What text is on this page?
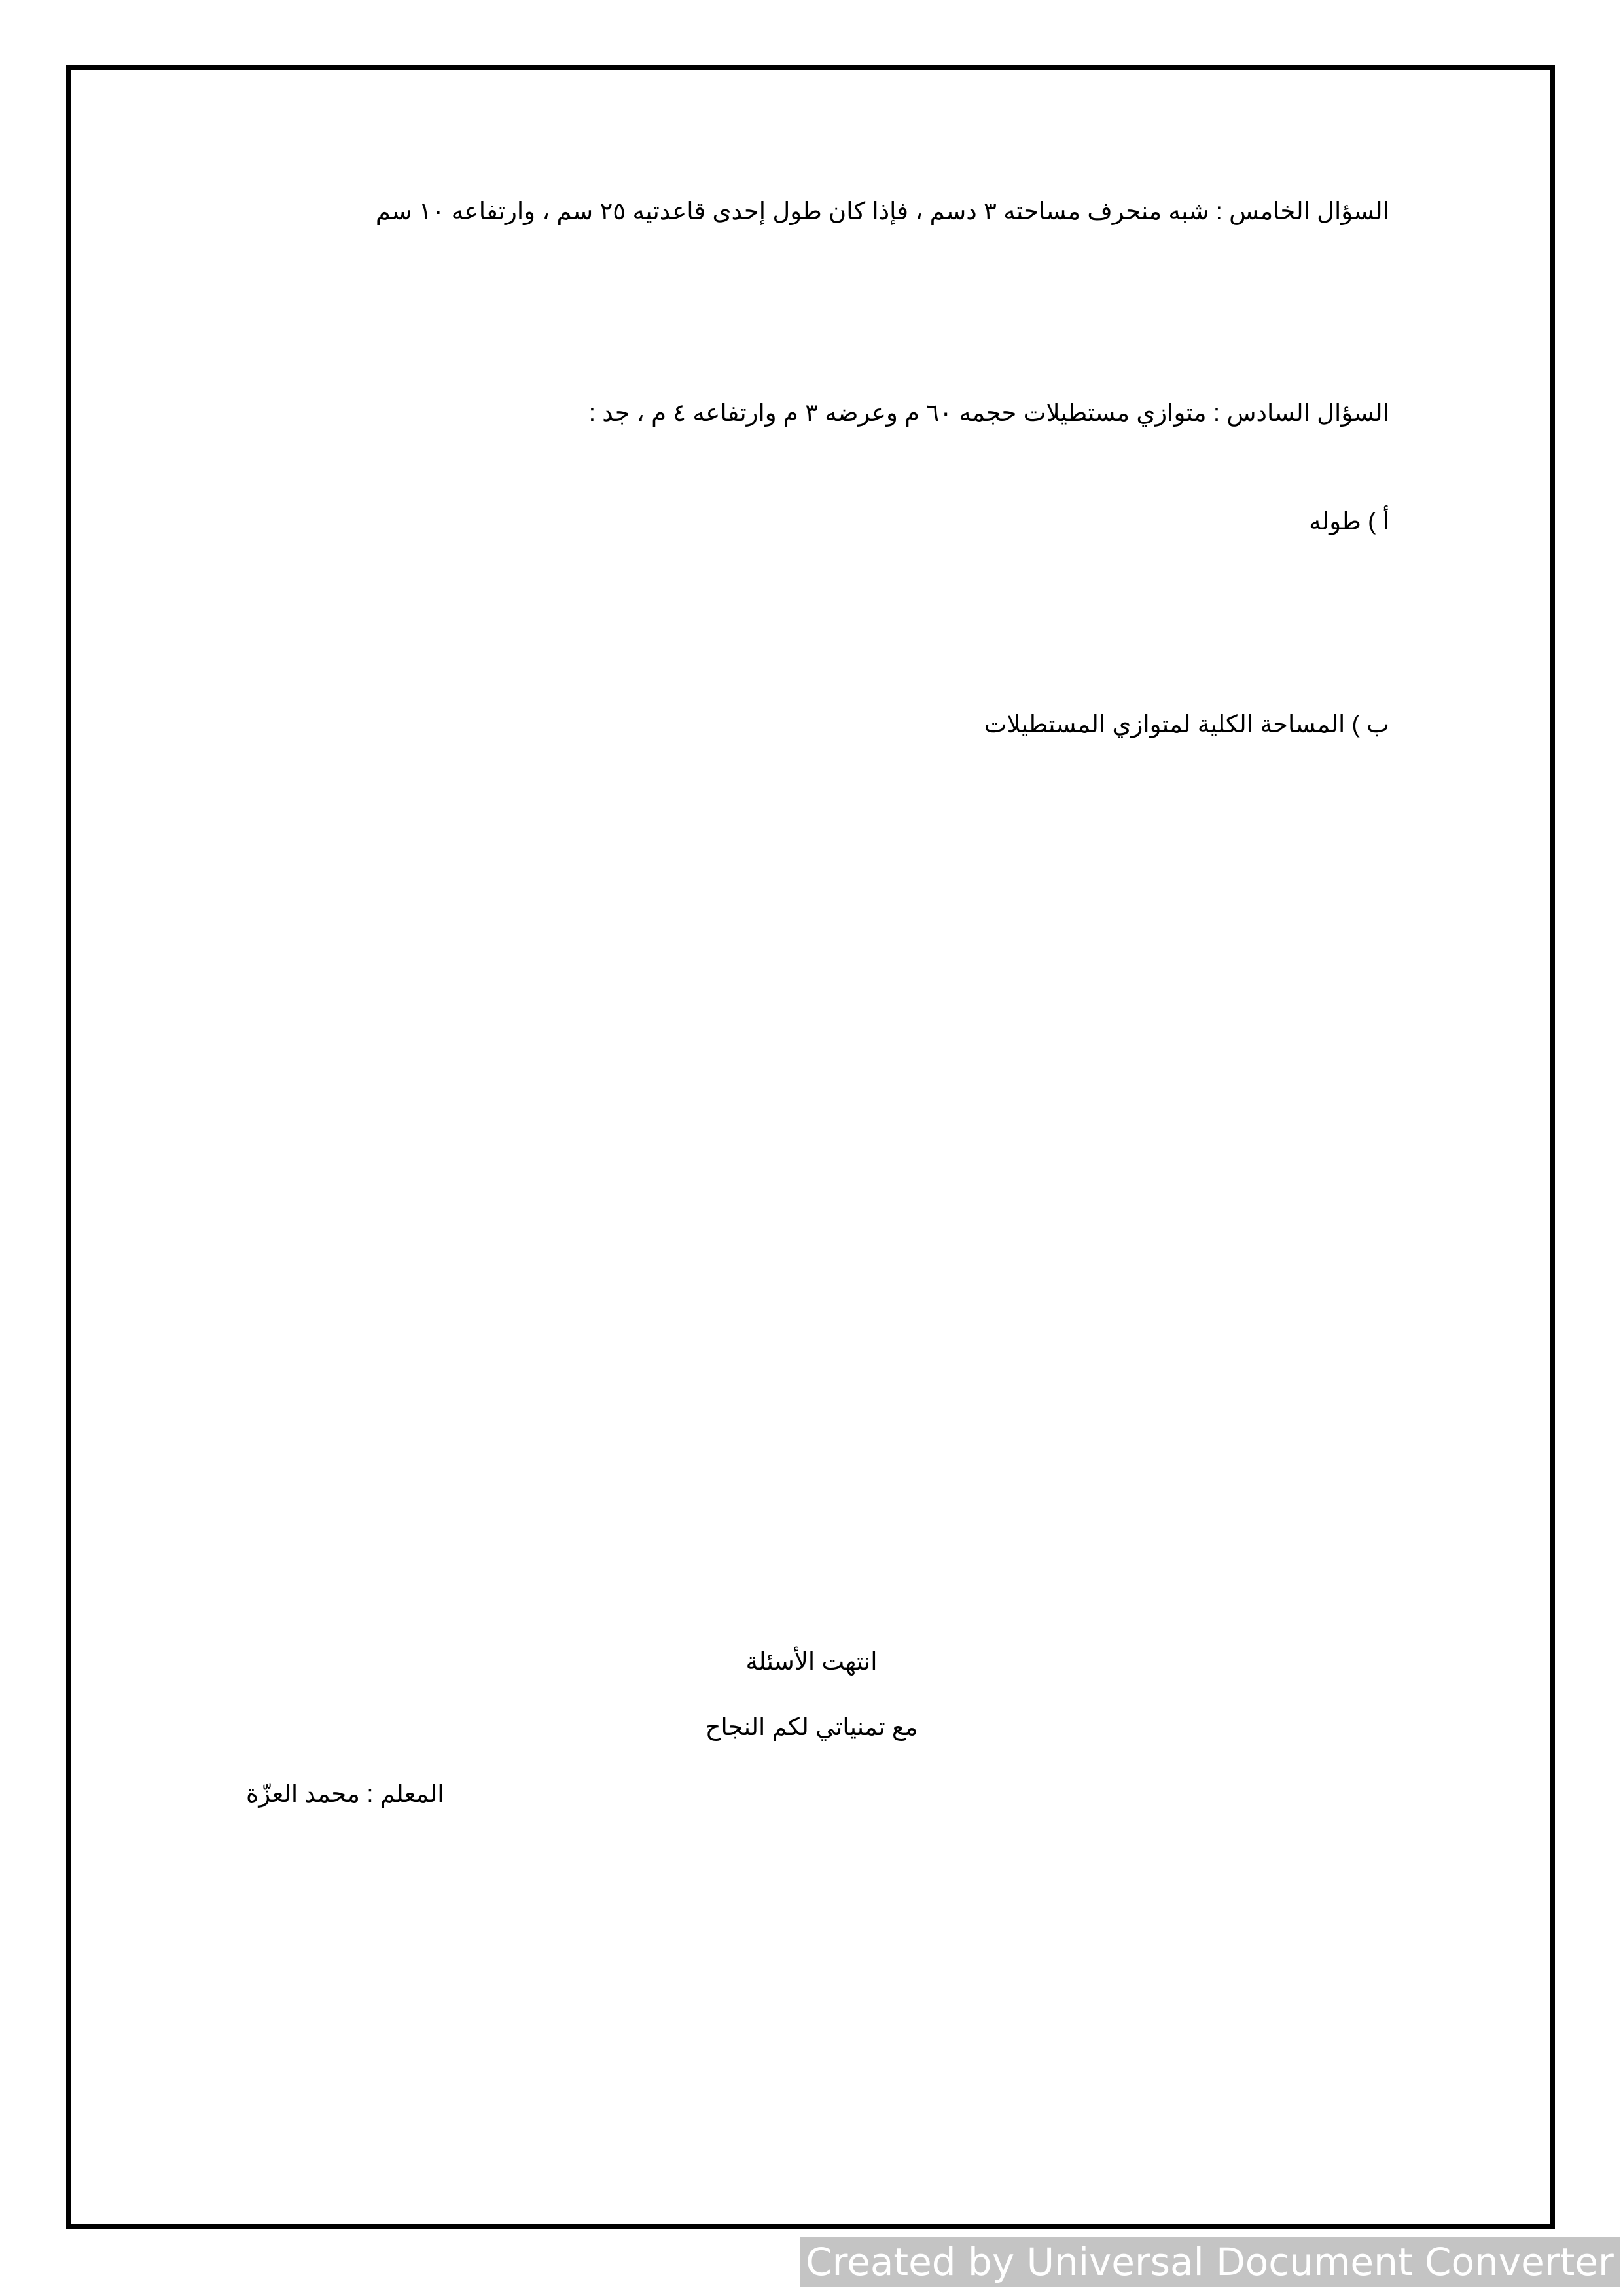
السؤال الخامس : شبه منحرف مساحته ٣ دسم ، فإذا كان طول إحدى قاعدتيه ٢٥ سم ، وارتفاعه ١٠ سم
السؤال السادس : متوازي مستطيلات حجمه ٦٠ م وعرضه ٣ م وارتفاعه ٤ م ، جد :
أ ) طوله
ب ) المساحة الكلية لمتوازي المستطيلات
انتهت الأسئلة
مع تمنياتي لكم النجاح
المعلم : محمد العزّة
Created by Universal Document Converter
